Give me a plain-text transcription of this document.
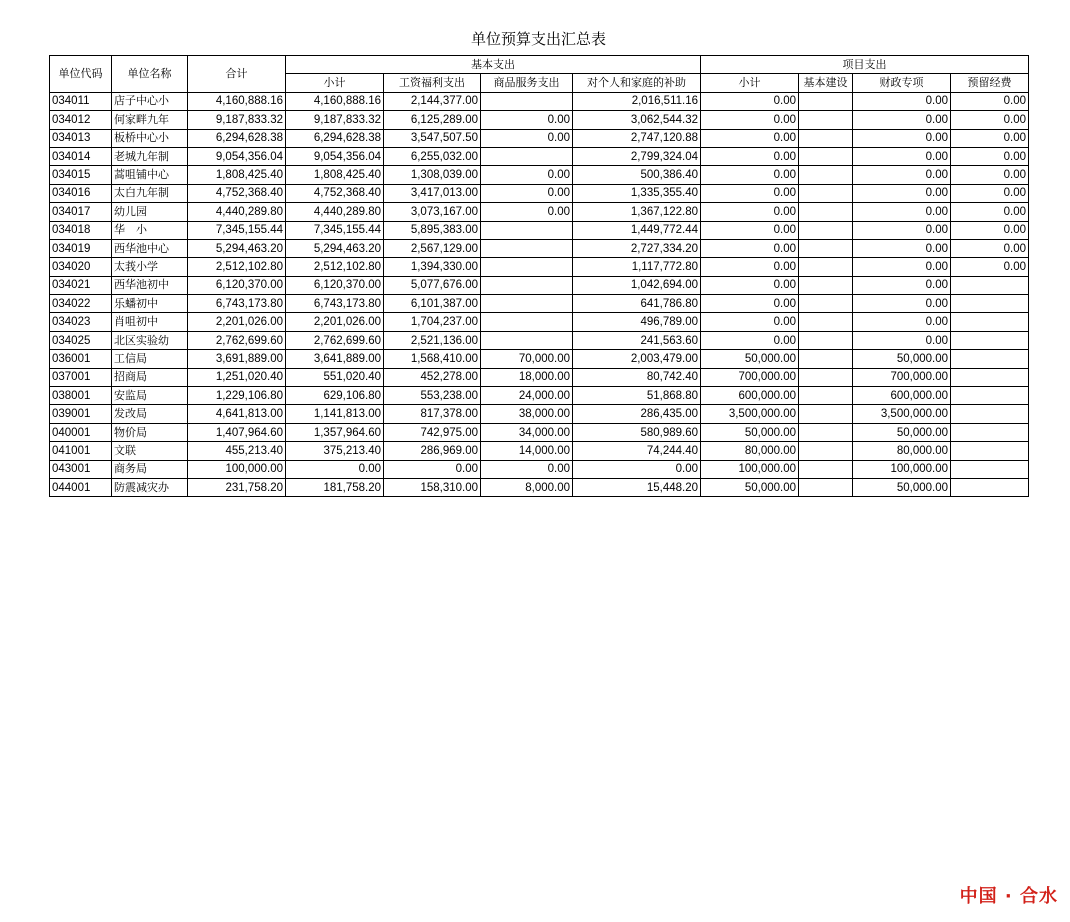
单位预算支出汇总表
单位代码	单位名称	合计	基本支出				项目支出			
			小计	工资福利支出	商品服务支出	对个人和家庭的补助	小计	基本建设	财政专项	预留经费
034011	店子中心小	4,160,888.16	4,160,888.16	2,144,377.00		2,016,511.16	0.00		0.00	0.00
034012	何家畔九年	9,187,833.32	9,187,833.32	6,125,289.00	0.00	3,062,544.32	0.00		0.00	0.00
034013	板桥中心小	6,294,628.38	6,294,628.38	3,547,507.50	0.00	2,747,120.88	0.00		0.00	0.00
034014	老城九年制	9,054,356.04	9,054,356.04	6,255,032.00		2,799,324.04	0.00		0.00	0.00
034015	蒿咀铺中心	1,808,425.40	1,808,425.40	1,308,039.00	0.00	500,386.40	0.00		0.00	0.00
034016	太白九年制	4,752,368.40	4,752,368.40	3,417,013.00	0.00	1,335,355.40	0.00		0.00	0.00
034017	幼儿园	4,440,289.80	4,440,289.80	3,073,167.00	0.00	1,367,122.80	0.00		0.00	0.00
034018	华　小	7,345,155.44	7,345,155.44	5,895,383.00		1,449,772.44	0.00		0.00	0.00
034019	西华池中心	5,294,463.20	5,294,463.20	2,567,129.00		2,727,334.20	0.00		0.00	0.00
034020	太莪小学	2,512,102.80	2,512,102.80	1,394,330.00		1,117,772.80	0.00		0.00	0.00
034021	西华池初中	6,120,370.00	6,120,370.00	5,077,676.00		1,042,694.00	0.00		0.00	
034022	乐蟠初中	6,743,173.80	6,743,173.80	6,101,387.00		641,786.80	0.00		0.00	
034023	肖咀初中	2,201,026.00	2,201,026.00	1,704,237.00		496,789.00	0.00		0.00	
034025	北区实验幼	2,762,699.60	2,762,699.60	2,521,136.00		241,563.60	0.00		0.00	
036001	工信局	3,691,889.00	3,641,889.00	1,568,410.00	70,000.00	2,003,479.00	50,000.00		50,000.00	
037001	招商局	1,251,020.40	551,020.40	452,278.00	18,000.00	80,742.40	700,000.00		700,000.00	
038001	安监局	1,229,106.80	629,106.80	553,238.00	24,000.00	51,868.80	600,000.00		600,000.00	
039001	发改局	4,641,813.00	1,141,813.00	817,378.00	38,000.00	286,435.00	3,500,000.00		3,500,000.00	
040001	物价局	1,407,964.60	1,357,964.60	742,975.00	34,000.00	580,989.60	50,000.00		50,000.00	
041001	文联	455,213.40	375,213.40	286,969.00	14,000.00	74,244.40	80,000.00		80,000.00	
043001	商务局	100,000.00	0.00	0.00	0.00	0.00	100,000.00		100,000.00	
044001	防震减灾办	231,758.20	181,758.20	158,310.00	8,000.00	15,448.20	50,000.00		50,000.00	
中国 · 合水
